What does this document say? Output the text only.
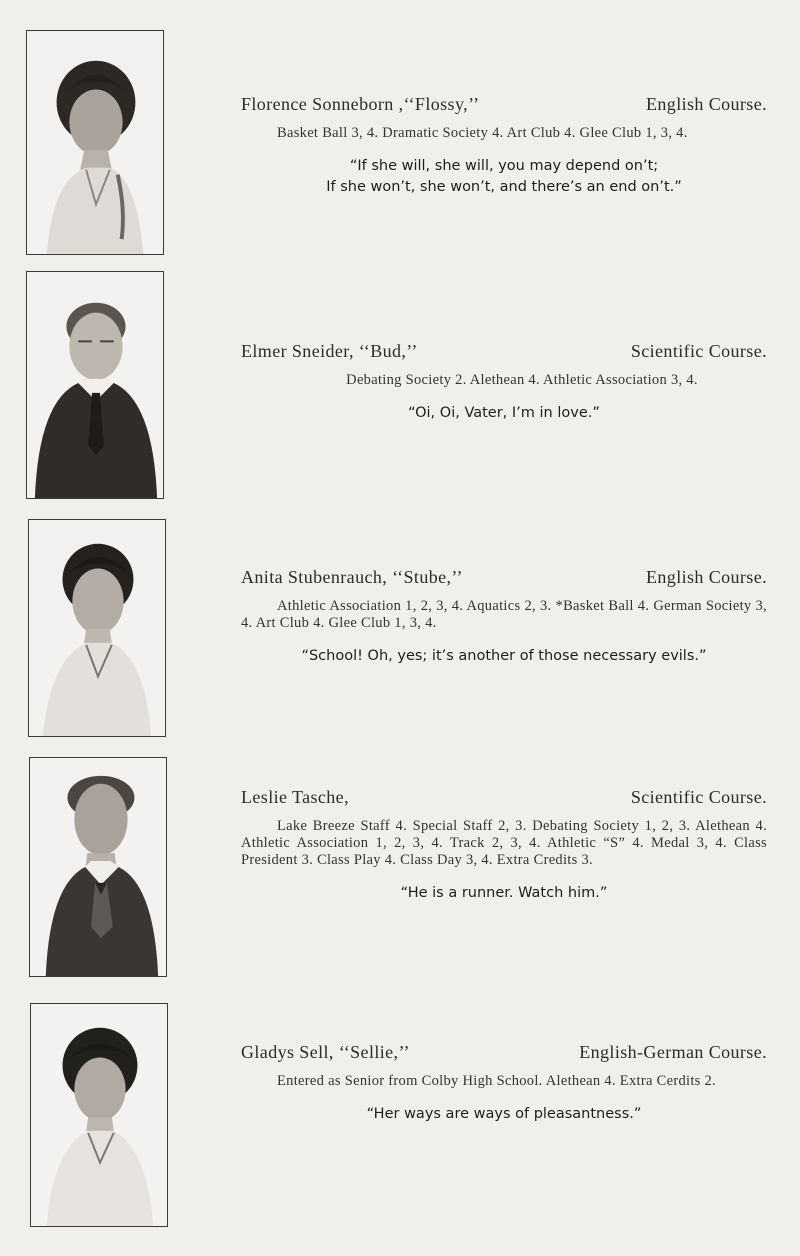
Florence Sonneborn ,‘‘Flossy,’’	English Course.
Basket Ball 3, 4. Dramatic Society 4. Art Club 4. Glee Club 1, 3, 4.
“If she will, she will, you may depend on’t;
If she won’t, she won’t, and there’s an end on’t.”
Elmer Sneider, ‘‘Bud,’’	Scientific Course.
Debating Society 2. Alethean 4. Athletic Association 3, 4.
“Oi, Oi, Vater, I’m in love.”
Anita Stubenrauch, ‘‘Stube,’’	English Course.
Athletic Association 1, 2, 3, 4. Aquatics 2, 3. *Basket Ball 4. German Society 3, 4. Art Club 4. Glee Club 1, 3, 4.
“School! Oh, yes; it’s another of those necessary evils.”
Leslie Tasche,	Scientific Course.
Lake Breeze Staff 4. Special Staff 2, 3. Debating Society 1, 2, 3. Alethean 4. Athletic Association 1, 2, 3, 4. Track 2, 3, 4. Athletic “S” 4. Medal 3, 4. Class President 3. Class Play 4. Class Day 3, 4. Extra Credits 3.
“He is a runner. Watch him.”
Gladys Sell, ‘‘Sellie,’’	English-German Course.
Entered as Senior from Colby High School. Alethean 4. Extra Cerdits 2.
“Her ways are ways of pleasantness.”
